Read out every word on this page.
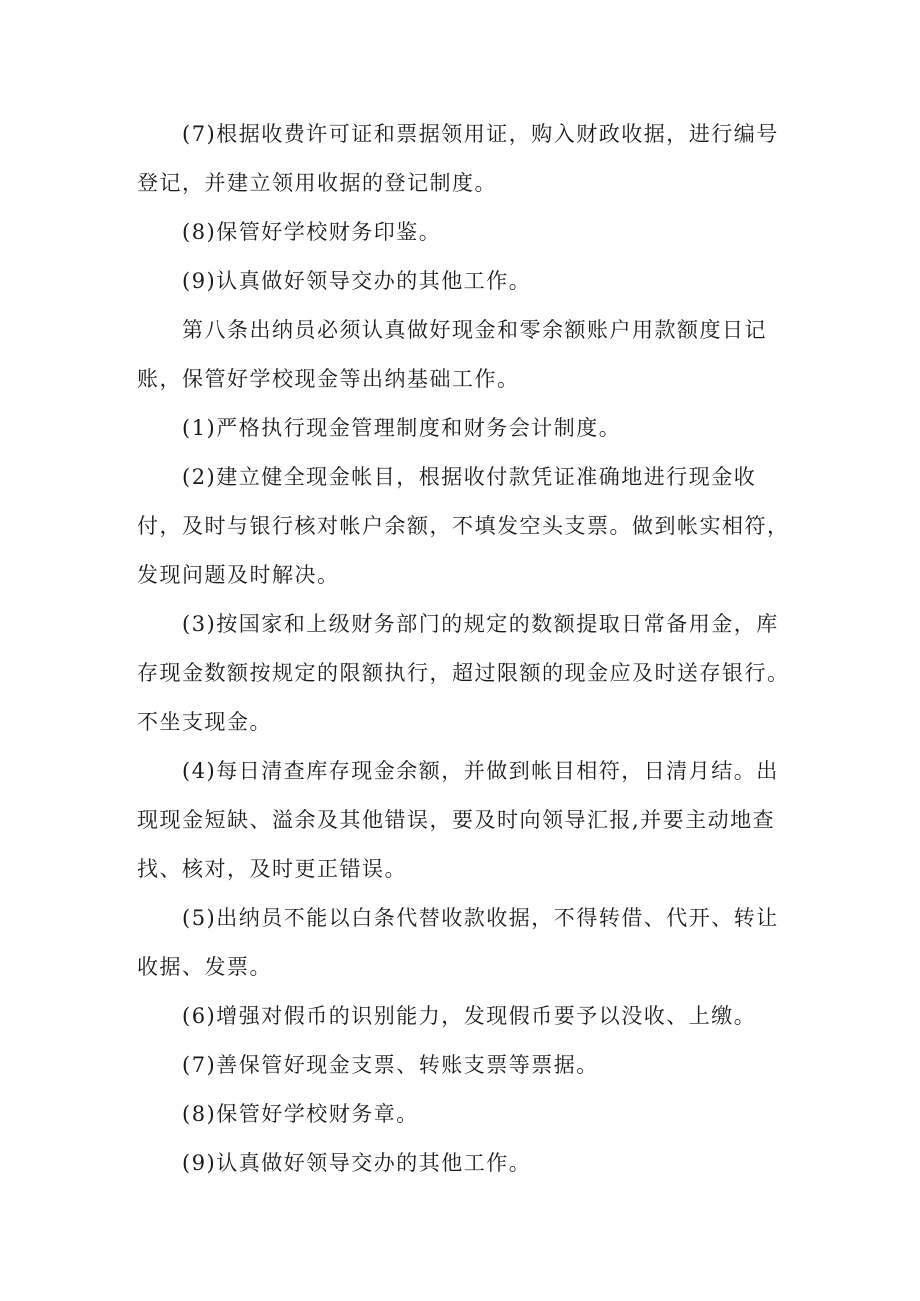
　　(7)根据收费许可证和票据领用证，购入财政收据，进行编号登记，并建立领用收据的登记制度。

　　(8)保管好学校财务印鉴。

　　(9)认真做好领导交办的其他工作。

　　第八条出纳员必须认真做好现金和零余额账户用款额度日记账，保管好学校现金等出纳基础工作。

　　(1)严格执行现金管理制度和财务会计制度。

　　(2)建立健全现金帐目，根据收付款凭证准确地进行现金收付，及时与银行核对帐户余额，不填发空头支票。做到帐实相符，发现问题及时解决。

　　(3)按国家和上级财务部门的规定的数额提取日常备用金，库存现金数额按规定的限额执行，超过限额的现金应及时送存银行。不坐支现金。

　　(4)每日清查库存现金余额，并做到帐目相符，日清月结。出现现金短缺、溢余及其他错误，要及时向领导汇报,并要主动地查找、核对，及时更正错误。

　　(5)出纳员不能以白条代替收款收据，不得转借、代开、转让收据、发票。

　　(6)增强对假币的识别能力，发现假币要予以没收、上缴。

　　(7)善保管好现金支票、转账支票等票据。

　　(8)保管好学校财务章。

　　(9)认真做好领导交办的其他工作。
